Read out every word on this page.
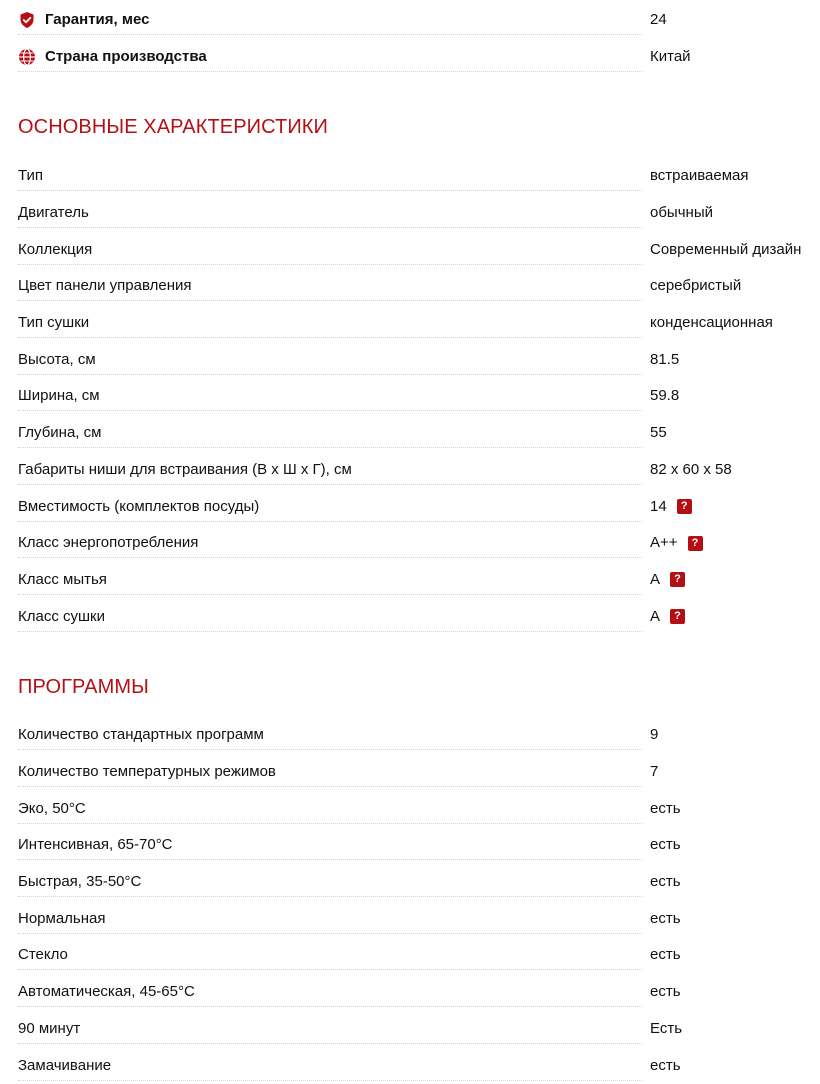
Гарантия, мес	24
Страна производства	Китай
ОСНОВНЫЕ ХАРАКТЕРИСТИКИ
Тип	встраиваемая
Двигатель	обычный
Коллекция	Современный дизайн
Цвет панели управления	серебристый
Тип сушки	конденсационная
Высота, см	81.5
Ширина, см	59.8
Глубина, см	55
Габариты ниши для встраивания (В х Ш х Г), см	82 x 60 x 58
Вместимость (комплектов посуды)	14	?
Класс энергопотребления	A++	?
Класс мытья	A	?
Класс сушки	A	?
ПРОГРАММЫ
Количество стандартных программ	9
Количество температурных режимов	7
Эко, 50°C	есть
Интенсивная, 65-70°C	есть
Быстрая, 35-50°C	есть
Нормальная	есть
Стекло	есть
Автоматическая, 45-65°C	есть
90 минут	Есть
Замачивание	есть
